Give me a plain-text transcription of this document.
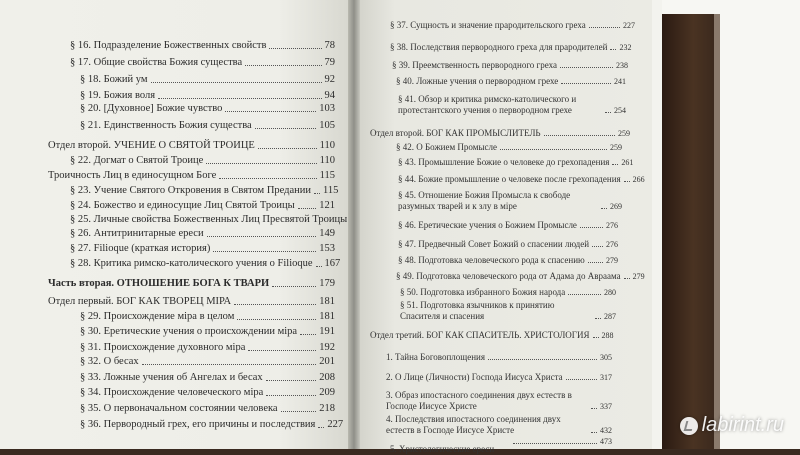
§ 16. Подразделение Божественных свойств	78
§ 17. Общие свойства Божия существа	79
§ 18. Божий ум	92
§ 19. Божия воля	94
§ 20. [Духовное] Божие чувство	103
§ 21. Единственность Божия существа	105
Отдел второй. УЧЕНИЕ О СВЯТОЙ ТРОИЦЕ	110
§ 22. Догмат о Святой Троице	110
Троичность Лиц в единосущном Боге	115
§ 23. Учение Святого Откровения в Святом Предании 115
§ 24. Божество и единосущие Лиц Святой Троицы 121
§ 25. Личные свойства Божественных Лиц Пресвятой Троицы
§ 26. Антитринитарные ереси	149
§ 27. Filioque (краткая история)	153
§ 28. Критика римско-католического учения о Filioque 167
Часть вторая. ОТНОШЕНИЕ БОГА К ТВАРИ	179
Отдел первый. БОГ КАК ТВОРЕЦ МIРА	181
§ 29. Происхождение мiра в целом	181
§ 30. Еретические учения о происхождении мiра 191
§ 31. Происхождение духовного мiра	192
§ 32. О бесах	201
§ 33. Ложные учения об Ангелах и бесах	208
§ 34. Происхождение человеческого мiра	209
§ 35. О первоначальном состоянии человека	218
§ 36. Первородный грех, его причины и последствия 227
§ 37. Сущность и значение прародительского греха	227
§ 38. Последствия первородного греха для прародителей 232
§ 39. Преемственность первородного греха	238
§ 40. Ложные учения о первородном грехе	241
§ 41. Обзор и критика римско-католического и протестантского учения о первородном грехе	254
Отдел второй. БОГ КАК ПРОМЫСЛИТЕЛЬ	259
§ 42. О Божием Промысле	259
§ 43. Промышление Божие о человеке до грехопадения 261
§ 44. Божие промышление о человеке после грехопадения 266
§ 45. Отношение Божия Промысла к свободе разумных тварей и к злу в мiре	269
§ 46. Еретические учения о Божием Промысле	276
§ 47. Предвечный Совет Божий о спасении людей 276
§ 48. Подготовка человеческого рода к спасению	279
§ 49. Подготовка человеческого рода от Адама до Авраама 279
§ 50. Подготовка избранного Божия народа	280
§ 51. Подготовка язычников к принятию Спасителя и спасения	287
Отдел третий. БОГ КАК СПАСИТЕЛЬ. ХРИСТОЛОГИЯ 288
1. Тайна Боговоплощения	305
2. О Лице (Личности) Господа Иисуса Христа	317
3. Образ ипостасного соединения двух естеств в Господе Иисусе Христе	337
4. Последствия ипостасного соединения двух естеств в Господе Иисусе Христе	432
473
5. Христологические ереси
labirint.ru
